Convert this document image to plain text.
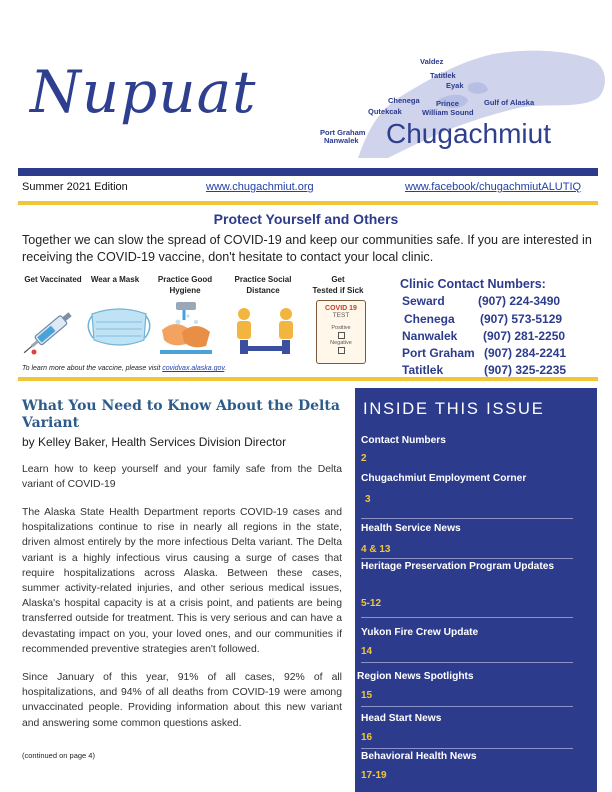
Nupuat	Valdez
Tatitlek
Eyak
Chenega
Qutekcak
Prince
William Sound
Gulf of Alaska
Port Graham
Nanwalek Chugachmiut
Summer 2021 Edition	www.chugachmiut.org	www.facebook/chugachmiutALUTIQ
Protect Yourself and Others
Together we can slow the spread of COVID-19 and keep our communities safe. If you are interested in receiving the COVID-19 vaccine, don't hesitate to contact your local clinic.
Get Vaccinated	Wear a Mask	Practice Good Hygiene
Practice Social Distance
Get
Tested if Sick
COVID 19
TEST
Positive
Negative
To learn more about the vaccine, please visit covidvax.alaska.gov.
Clinic Contact Numbers:
Seward	(907) 224-3490
Chenega (907) 573-5129
Nanwalek (907) 281-2250
Port Graham (907) 284-2241
Tatitlek	(907) 325-2235
What You Need to Know About the Delta Variant
by Kelley Baker, Health Services Division Director
Learn how to keep yourself and your family safe from the Delta variant of COVID-19
The Alaska State Health Department reports COVID-19 cases and hospitalizations continue to rise in nearly all regions in the state, driven almost entirely by the more infectious Delta variant. The Delta variant is a highly infectious virus causing a surge of cases that require hospitalizations across Alaska. Between these cases, summer activity-related injuries, and other serious medical issues, Alaska's hospital capacity is at a crisis point, and patients are being transferred outside for treatment. This is very serious and can have a devastating impact on you, your loved ones, and our communities if recommended preventive strategies aren't followed.
Since January of this year, 91% of all cases, 92% of all hospitalizations, and 94% of all deaths from COVID-19 were among unvaccinated people. Providing information about this new variant and answering some common questions asked.
(continued on page 4)
INSIDE THIS ISSUE
Contact Numbers
2
Chugachmiut Employment Corner
3
Health Service News
4 & 13
Heritage Preservation Program Updates
5-12
Yukon Fire Crew Update
14
Region News Spotlights
15
Head Start News
16
Behavioral Health News
17-19
